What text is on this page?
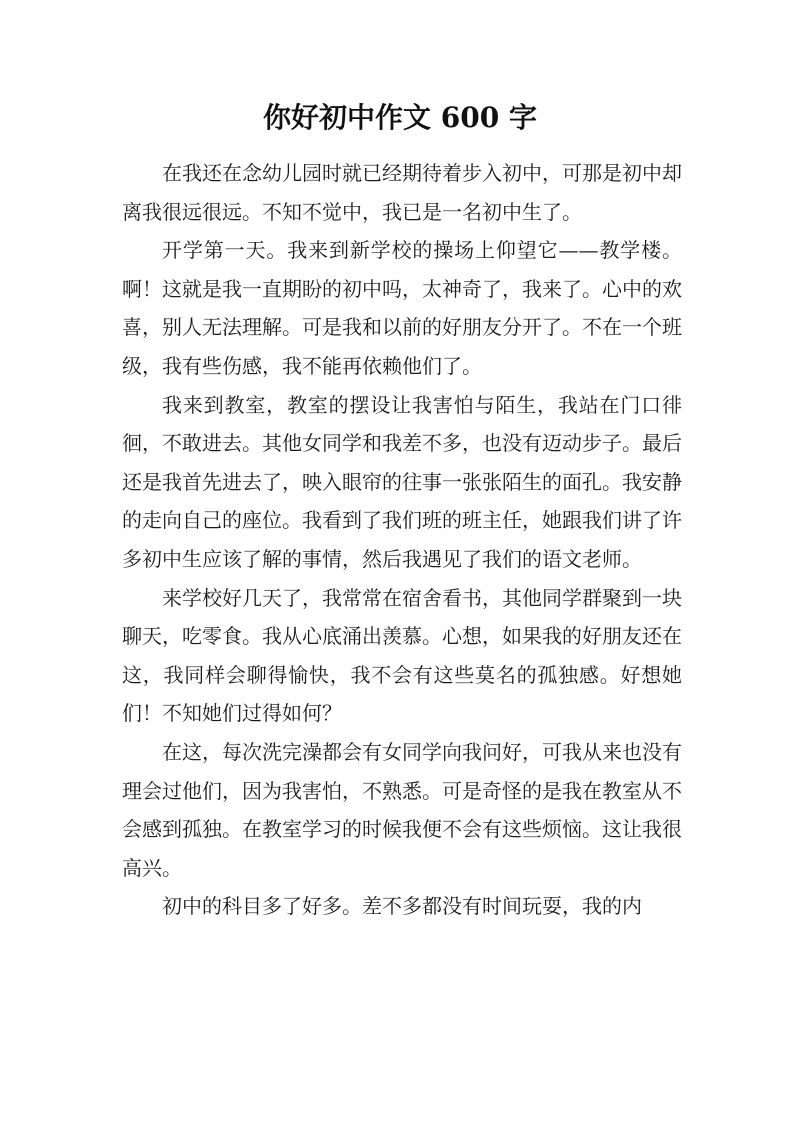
你好初中作文 600 字

在我还在念幼儿园时就已经期待着步入初中，可那是初中却离我很远很远。不知不觉中，我已是一名初中生了。

开学第一天。我来到新学校的操场上仰望它——教学楼。啊！这就是我一直期盼的初中吗，太神奇了，我来了。心中的欢喜，别人无法理解。可是我和以前的好朋友分开了。不在一个班级，我有些伤感，我不能再依赖他们了。

我来到教室，教室的摆设让我害怕与陌生，我站在门口徘徊，不敢进去。其他女同学和我差不多，也没有迈动步子。最后还是我首先进去了，映入眼帘的往事一张张陌生的面孔。我安静的走向自己的座位。我看到了我们班的班主任，她跟我们讲了许多初中生应该了解的事情，然后我遇见了我们的语文老师。

来学校好几天了，我常常在宿舍看书，其他同学群聚到一块聊天，吃零食。我从心底涌出羡慕。心想，如果我的好朋友还在这，我同样会聊得愉快，我不会有这些莫名的孤独感。好想她们！不知她们过得如何？

在这，每次洗完澡都会有女同学向我问好，可我从来也没有理会过他们，因为我害怕，不熟悉。可是奇怪的是我在教室从不会感到孤独。在教室学习的时候我便不会有这些烦恼。这让我很高兴。

初中的科目多了好多。差不多都没有时间玩耍，我的内
